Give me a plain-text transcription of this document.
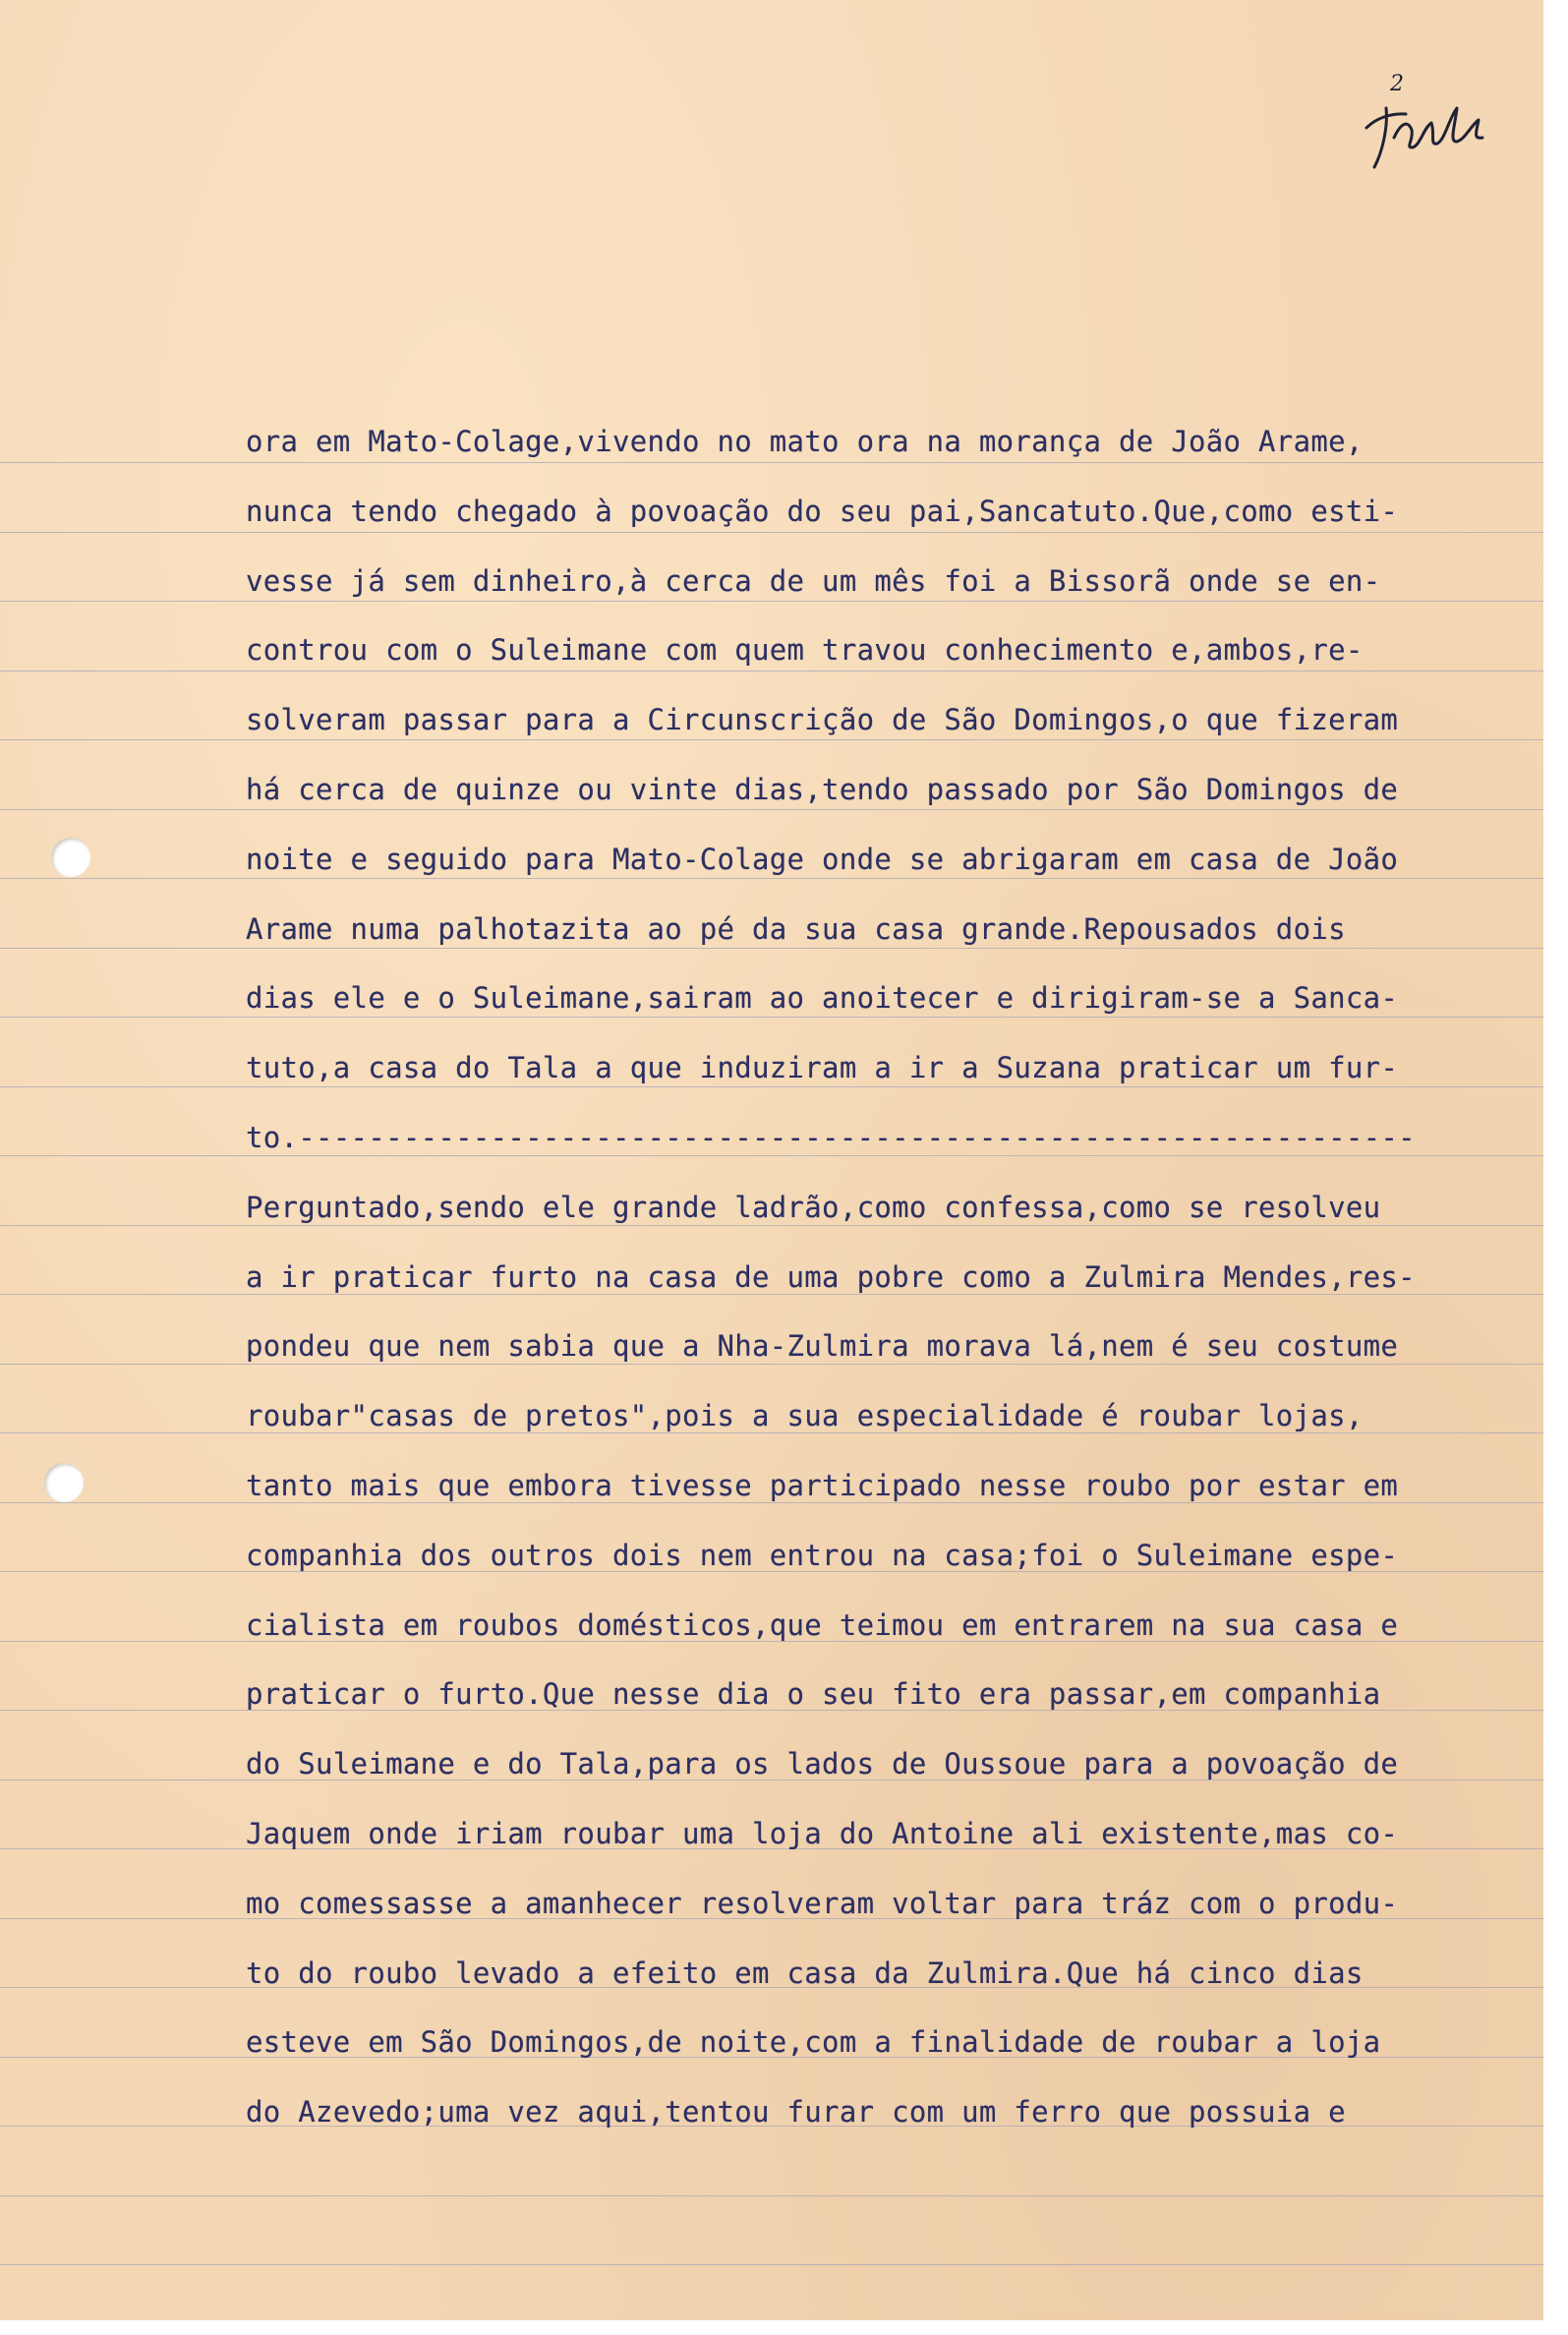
2
ora em Mato-Colage,vivendo no mato ora na morança de João Arame,
nunca tendo chegado à povoação do seu pai,Sancatuto.Que,como esti-
vesse já sem dinheiro,à cerca de um mês foi a Bissorã onde se en-
controu com o Suleimane com quem travou conhecimento e,ambos,re-
solveram passar para a Circunscrição de São Domingos,o que fizeram
há cerca de quinze ou vinte dias,tendo passado por São Domingos de
noite e seguido para Mato-Colage onde se abrigaram em casa de João
Arame numa palhotazita ao pé da sua casa grande.Repousados dois
dias ele e o Suleimane,sairam ao anoitecer e dirigiram-se a Sanca-
tuto,a casa do Tala a que induziram a ir a Suzana praticar um fur-
to.----------------------------------------------------------------
Perguntado,sendo ele grande ladrão,como confessa,como se resolveu
a ir praticar furto na casa de uma pobre como a Zulmira Mendes,res-
pondeu que nem sabia que a Nha-Zulmira morava lá,nem é seu costume
roubar"casas de pretos",pois a sua especialidade é roubar lojas,
tanto mais que embora tivesse participado nesse roubo por estar em
companhia dos outros dois nem entrou na casa;foi o Suleimane espe-
cialista em roubos domésticos,que teimou em entrarem na sua casa e
praticar o furto.Que nesse dia o seu fito era passar,em companhia
do Suleimane e do Tala,para os lados de Oussoue para a povoação de
Jaquem onde iriam roubar uma loja do Antoine ali existente,mas co-
mo comessasse a amanhecer resolveram voltar para tráz com o produ-
to do roubo levado a efeito em casa da Zulmira.Que há cinco dias
esteve em São Domingos,de noite,com a finalidade de roubar a loja
do Azevedo;uma vez aqui,tentou furar com um ferro que possuia e
